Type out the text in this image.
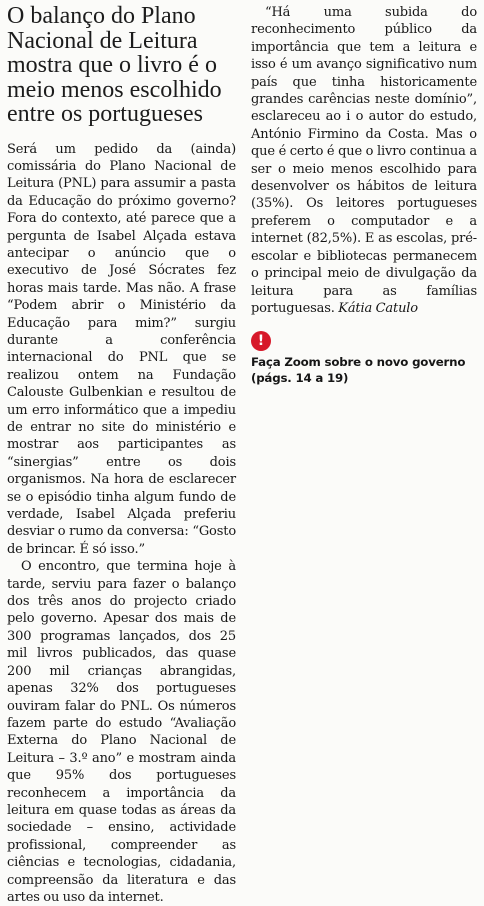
O balanço do Plano Nacional de Leitura mostra que o livro é o meio menos escolhido entre os portugueses

Será um pedido da (ainda) comissária do Plano Nacional de Leitura (PNL) para assumir a pasta da Educação do próximo governo? Fora do contexto, até parece que a pergunta de Isabel Alçada estava antecipar o anúncio que o executivo de José Sócrates fez horas mais tarde. Mas não. A frase “Podem abrir o Ministério da Educação para mim?” surgiu durante a conferência internacional do PNL que se realizou ontem na Fundação Calouste Gulbenkian e resultou de um erro informático que a impediu de entrar no site do ministério e mostrar aos participantes as “sinergias” entre os dois organismos. Na hora de esclarecer se o episódio tinha algum fundo de verdade, Isabel Alçada preferiu desviar o rumo da conversa: “Gosto de brincar. É só isso.”

O encontro, que termina hoje à tarde, serviu para fazer o balanço dos três anos do projecto criado pelo governo. Apesar dos mais de 300 programas lançados, dos 25 mil livros publicados, das quase 200 mil crianças abrangidas, apenas 32% dos portugueses ouviram falar do PNL. Os números fazem parte do estudo “Avaliação Externa do Plano Nacional de Leitura – 3.º ano” e mostram ainda que 95% dos portugueses reconhecem a importância da leitura em quase todas as áreas da sociedade – ensino, actividade profissional, compreender as ciências e tecnologias, cidadania, compreensão da literatura e das artes ou uso da internet.

“Há uma subida do reconhecimento público da importância que tem a leitura e isso é um avanço significativo num país que tinha historicamente grandes carências neste domínio”, esclareceu ao i o autor do estudo, António Firmino da Costa. Mas o que é certo é que o livro continua a ser o meio menos escolhido para desenvolver os hábitos de leitura (35%). Os leitores portugueses preferem o computador e a internet (82,5%). E as escolas, pré-escolar e bibliotecas permanecem o principal meio de divulgação da leitura para as famílias portuguesas. Kátia Catulo

!
Faça Zoom sobre o novo governo (págs. 14 a 19)
